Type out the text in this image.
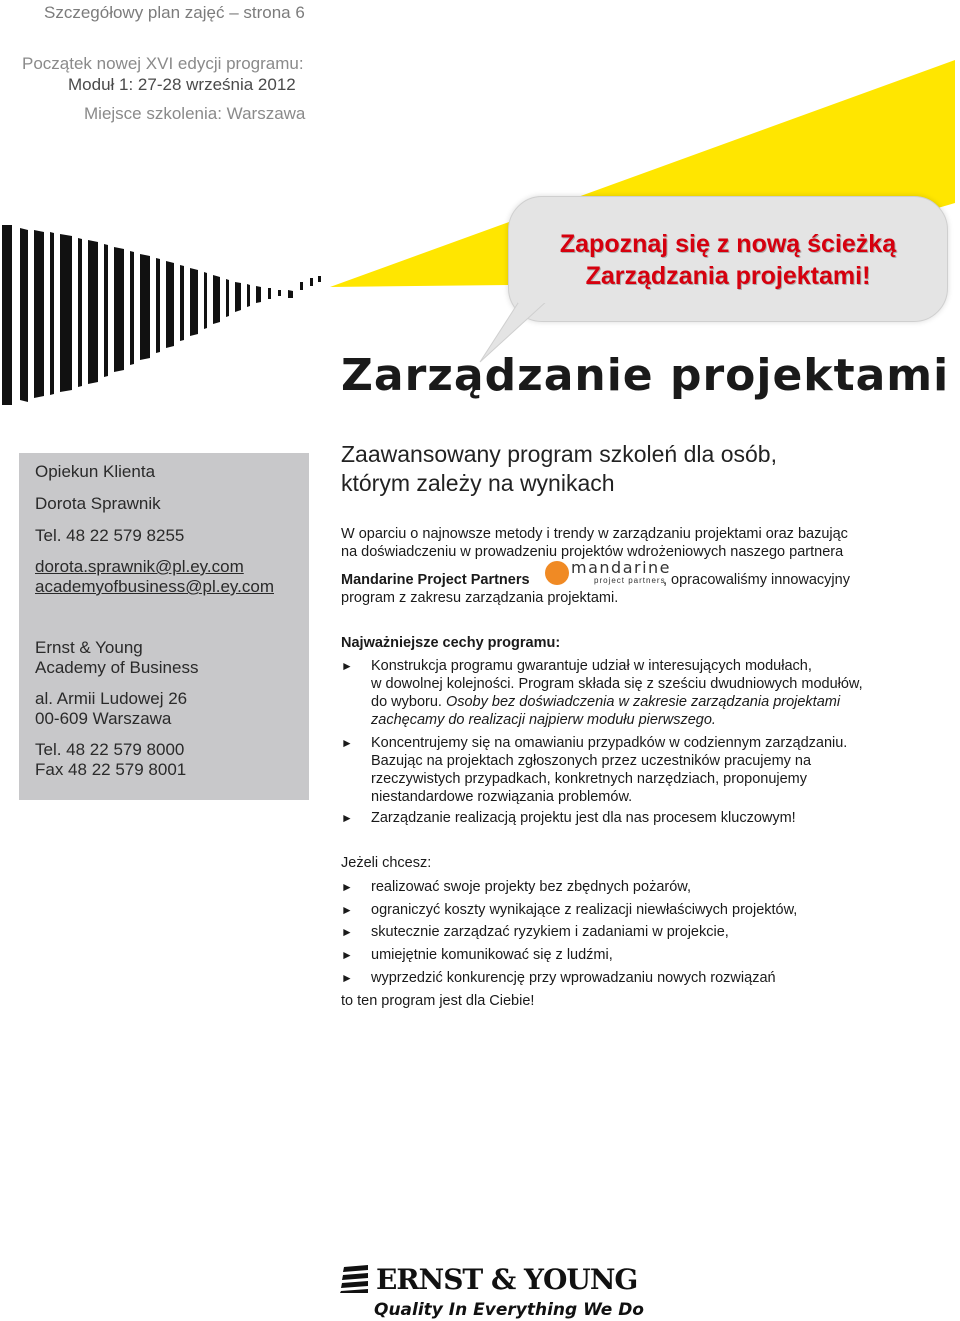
Szczegółowy plan zajęć – strona 6
Początek nowej XVI edycji programu:
Moduł 1: 27-28 września 2012
Miejsce szkolenia: Warszawa
Zapoznaj się z nową ścieżką
Zarządzania projektami!
Zarządzanie projektami
Opiekun Klienta
Dorota Sprawnik
Tel. 48 22 579 8255
dorota.sprawnik@pl.ey.com
academyofbusiness@pl.ey.com
Ernst & Young
Academy of Business
al. Armii Ludowej 26
00-609 Warszawa
Tel. 48 22 579 8000
Fax 48 22 579 8001
Zaawansowany program szkoleń dla osób,
którym zależy na wynikach
W oparciu o najnowsze metody i trendy w zarządzaniu projektami oraz bazując
na doświadczeniu w prowadzeniu projektów wdrożeniowych naszego partnera
Mandarine Project Partners
mandarine
project partners
, opracowaliśmy innowacyjny
program z zakresu zarządzania projektami.
Najważniejsze cechy programu:
► Konstrukcja programu gwarantuje udział w interesujących modułach,
w dowolnej kolejności. Program składa się z sześciu dwudniowych modułów,
do wyboru. Osoby bez doświadczenia w zakresie zarządzania projektami
zachęcamy do realizacji najpierw modułu pierwszego.
► Koncentrujemy się na omawianiu przypadków w codziennym zarządzaniu.
Bazując na projektach zgłoszonych przez uczestników pracujemy na
rzeczywistych przypadkach, konkretnych narzędziach, proponujemy
niestandardowe rozwiązania problemów.
► Zarządzanie realizacją projektu jest dla nas procesem kluczowym!
Jeżeli chcesz:
► realizować swoje projekty bez zbędnych pożarów,
► ograniczyć koszty wynikające z realizacji niewłaściwych projektów,
► skutecznie zarządzać ryzykiem i zadaniami w projekcie,
► umiejętnie komunikować się z ludźmi,
► wyprzedzić konkurencję przy wprowadzaniu nowych rozwiązań
to ten program jest dla Ciebie!
ERNST & YOUNG
Quality In Everything We Do
